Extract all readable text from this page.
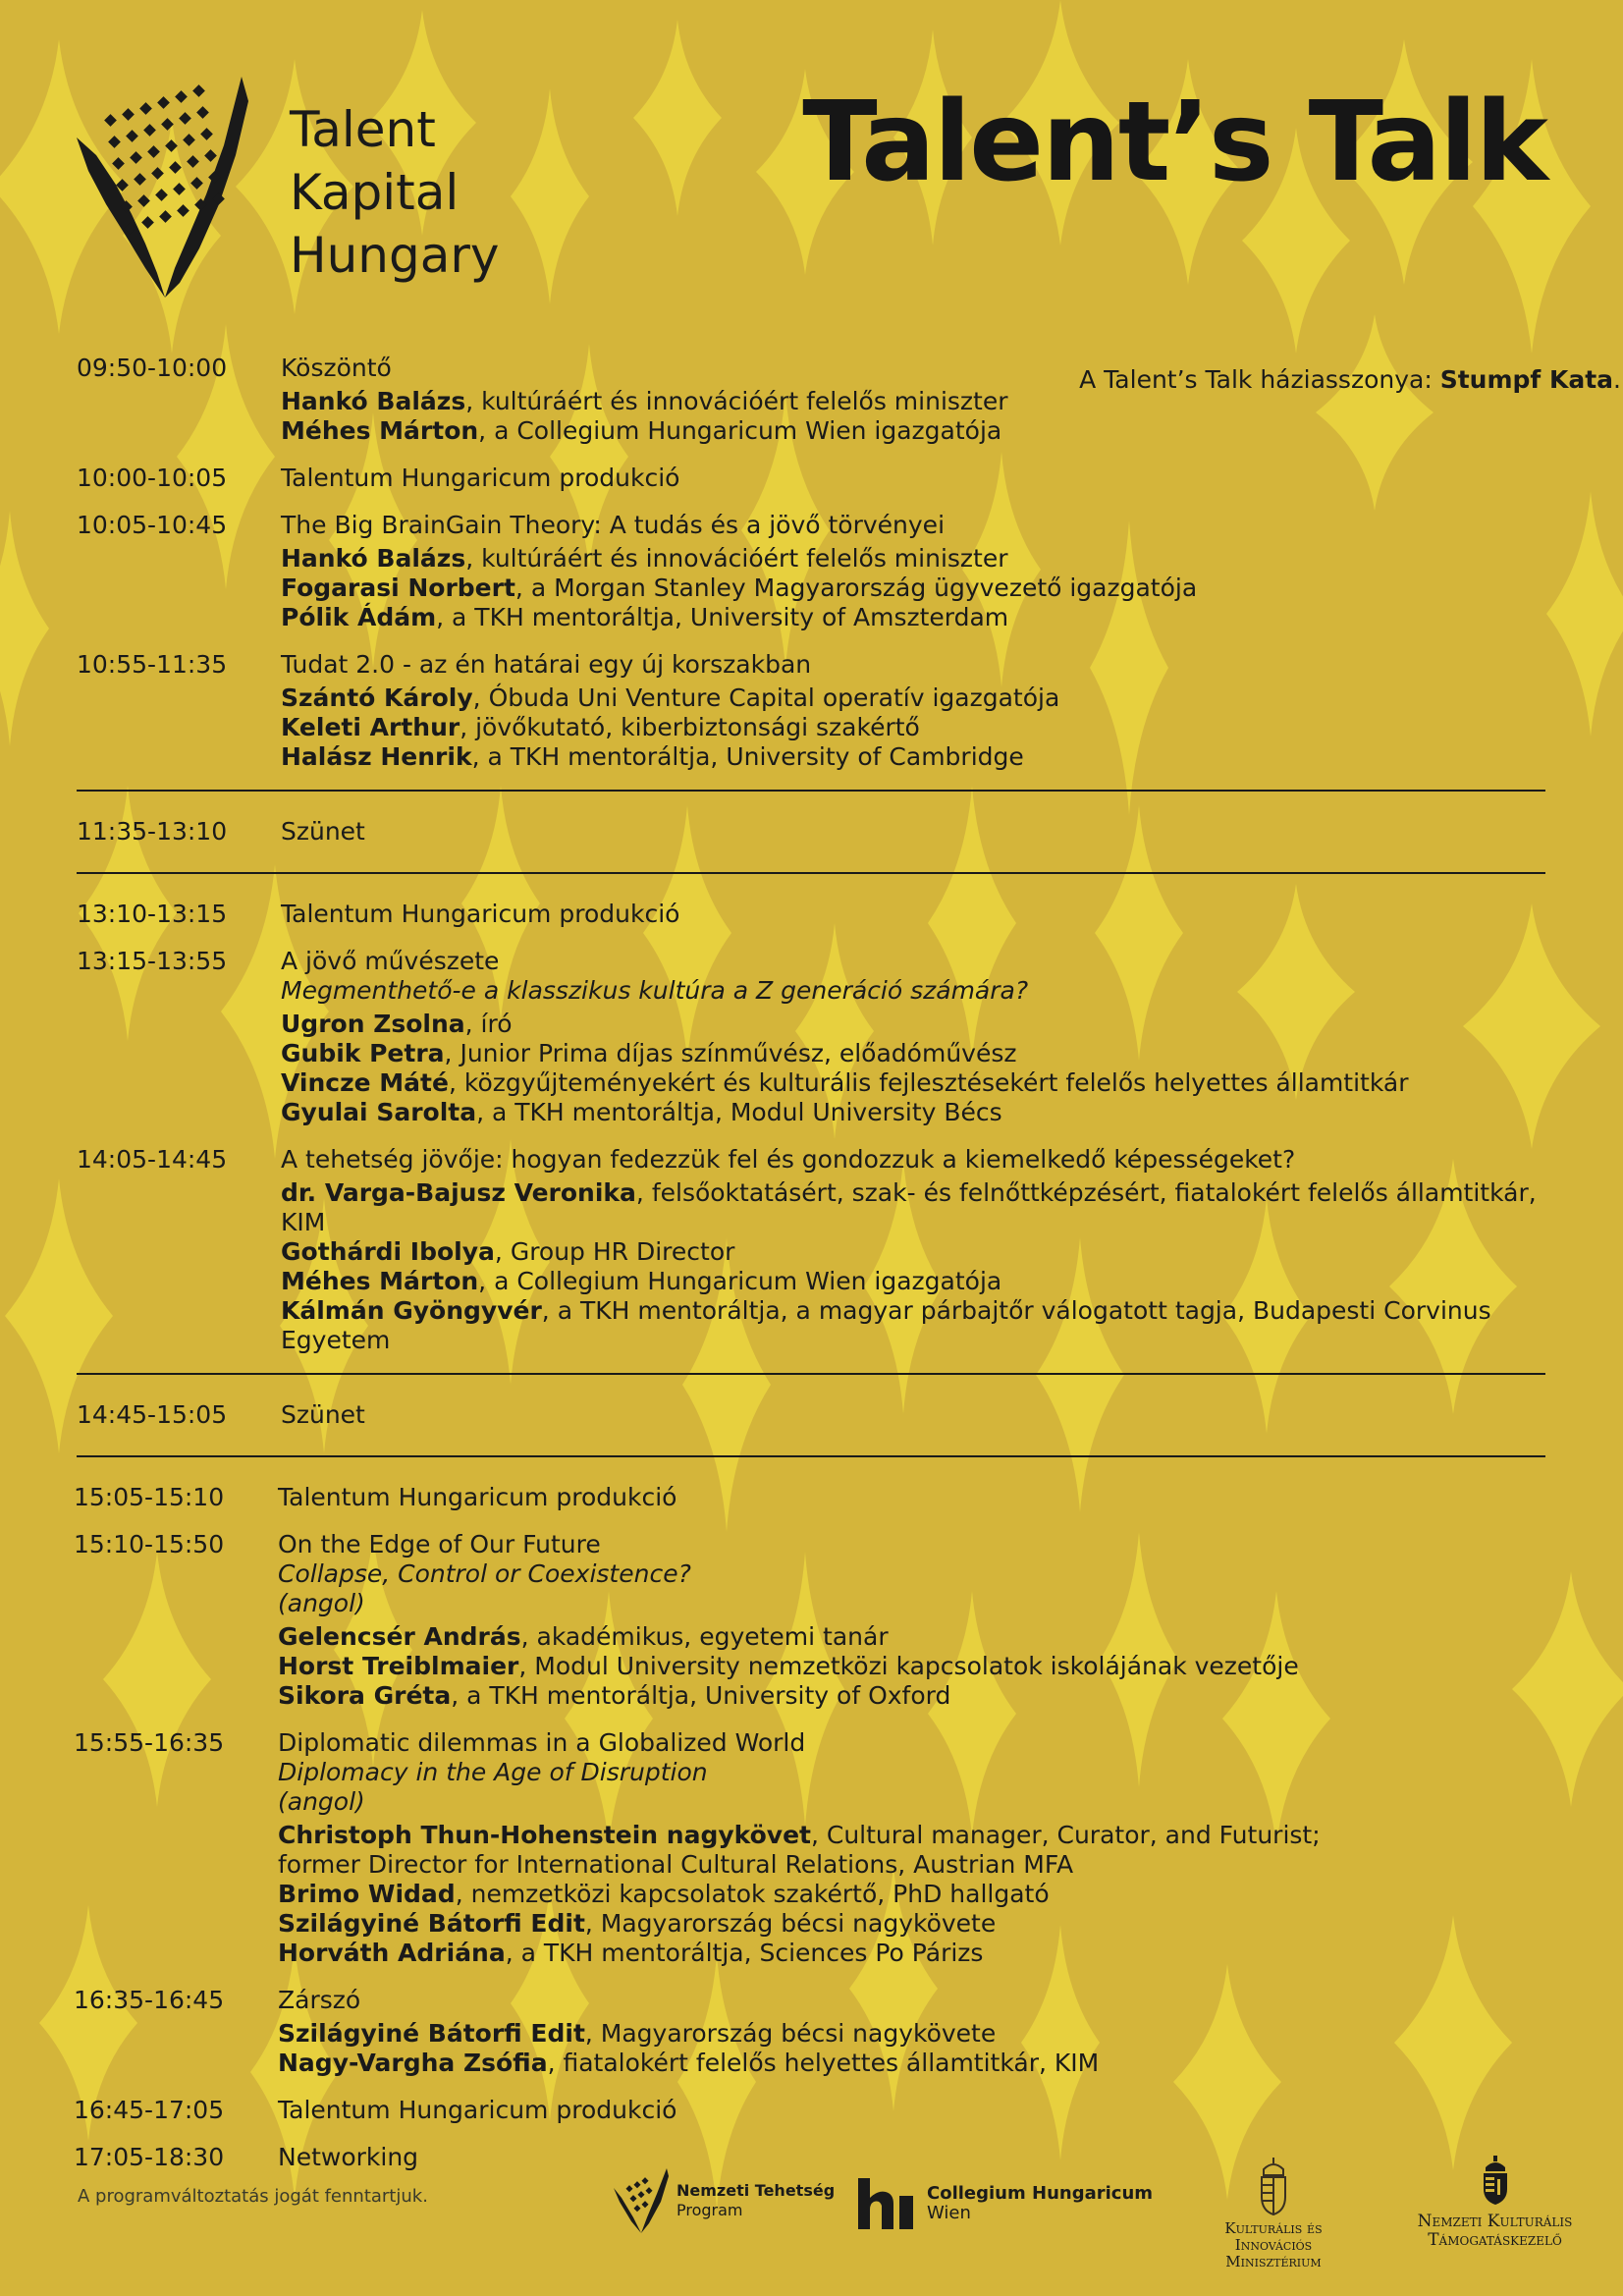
Talent
Kapital
Hungary
Talent’s Talk
A Talent’s Talk háziasszonya: Stumpf Kata.
09:50-10:00	Köszöntő
Hankó Balázs, kultúráért és innovációért felelős miniszter
Méhes Márton, a Collegium Hungaricum Wien igazgatója
10:00-10:05	Talentum Hungaricum produkció
10:05-10:45	The Big BrainGain Theory: A tudás és a jövő törvényei
Hankó Balázs, kultúráért és innovációért felelős miniszter
Fogarasi Norbert, a Morgan Stanley Magyarország ügyvezető igazgatója
Pólik Ádám, a TKH mentoráltja, University of Amszterdam
10:55-11:35	Tudat 2.0 - az én határai egy új korszakban
Szántó Károly, Óbuda Uni Venture Capital operatív igazgatója
Keleti Arthur, jövőkutató, kiberbiztonsági szakértő
Halász Henrik, a TKH mentoráltja, University of Cambridge
11:35-13:10	Szünet
13:10-13:15	Talentum Hungaricum produkció
13:15-13:55	A jövő művészete
Megmenthető-e a klasszikus kultúra a Z generáció számára?
Ugron Zsolna, író
Gubik Petra, Junior Prima díjas színművész, előadóművész
Vincze Máté, közgyűjteményekért és kulturális fejlesztésekért felelős helyettes államtitkár
Gyulai Sarolta, a TKH mentoráltja, Modul University Bécs
14:05-14:45	A tehetség jövője: hogyan fedezzük fel és gondozzuk a kiemelkedő képességeket?
dr. Varga-Bajusz Veronika, felsőoktatásért, szak- és felnőttképzésért, fiatalokért felelős államtitkár, KIM
Gothárdi Ibolya, Group HR Director
Méhes Márton, a Collegium Hungaricum Wien igazgatója
Kálmán Gyöngyvér, a TKH mentoráltja, a magyar párbajtőr válogatott tagja, Budapesti Corvinus Egyetem
14:45-15:05	Szünet
15:05-15:10	Talentum Hungaricum produkció
15:10-15:50	On the Edge of Our Future
Collapse, Control or Coexistence?
(angol)
Gelencsér András, akadémikus, egyetemi tanár
Horst Treiblmaier, Modul University nemzetközi kapcsolatok iskolájának vezetője
Sikora Gréta, a TKH mentoráltja, University of Oxford
15:55-16:35	Diplomatic dilemmas in a Globalized World
Diplomacy in the Age of Disruption
(angol)
Christoph Thun-Hohenstein nagykövet, Cultural manager, Curator, and Futurist;
former Director for International Cultural Relations, Austrian MFA
Brimo Widad, nemzetközi kapcsolatok szakértő, PhD hallgató
Szilágyiné Bátorfi Edit, Magyarország bécsi nagykövete
Horváth Adriána, a TKH mentoráltja, Sciences Po Párizs
16:35-16:45	Zárszó
Szilágyiné Bátorfi Edit, Magyarország bécsi nagykövete
Nagy-Vargha Zsófia, fiatalokért felelős helyettes államtitkár, KIM
16:45-17:05	Talentum Hungaricum produkció
17:05-18:30	Networking
A programváltoztatás jogát fenntartjuk.	Nemzeti Tehetség
Program
Collegium Hungaricum
Wien
Kulturális és Innovációs
Minisztérium
Nemzeti Kulturális
Támogatáskezelő
